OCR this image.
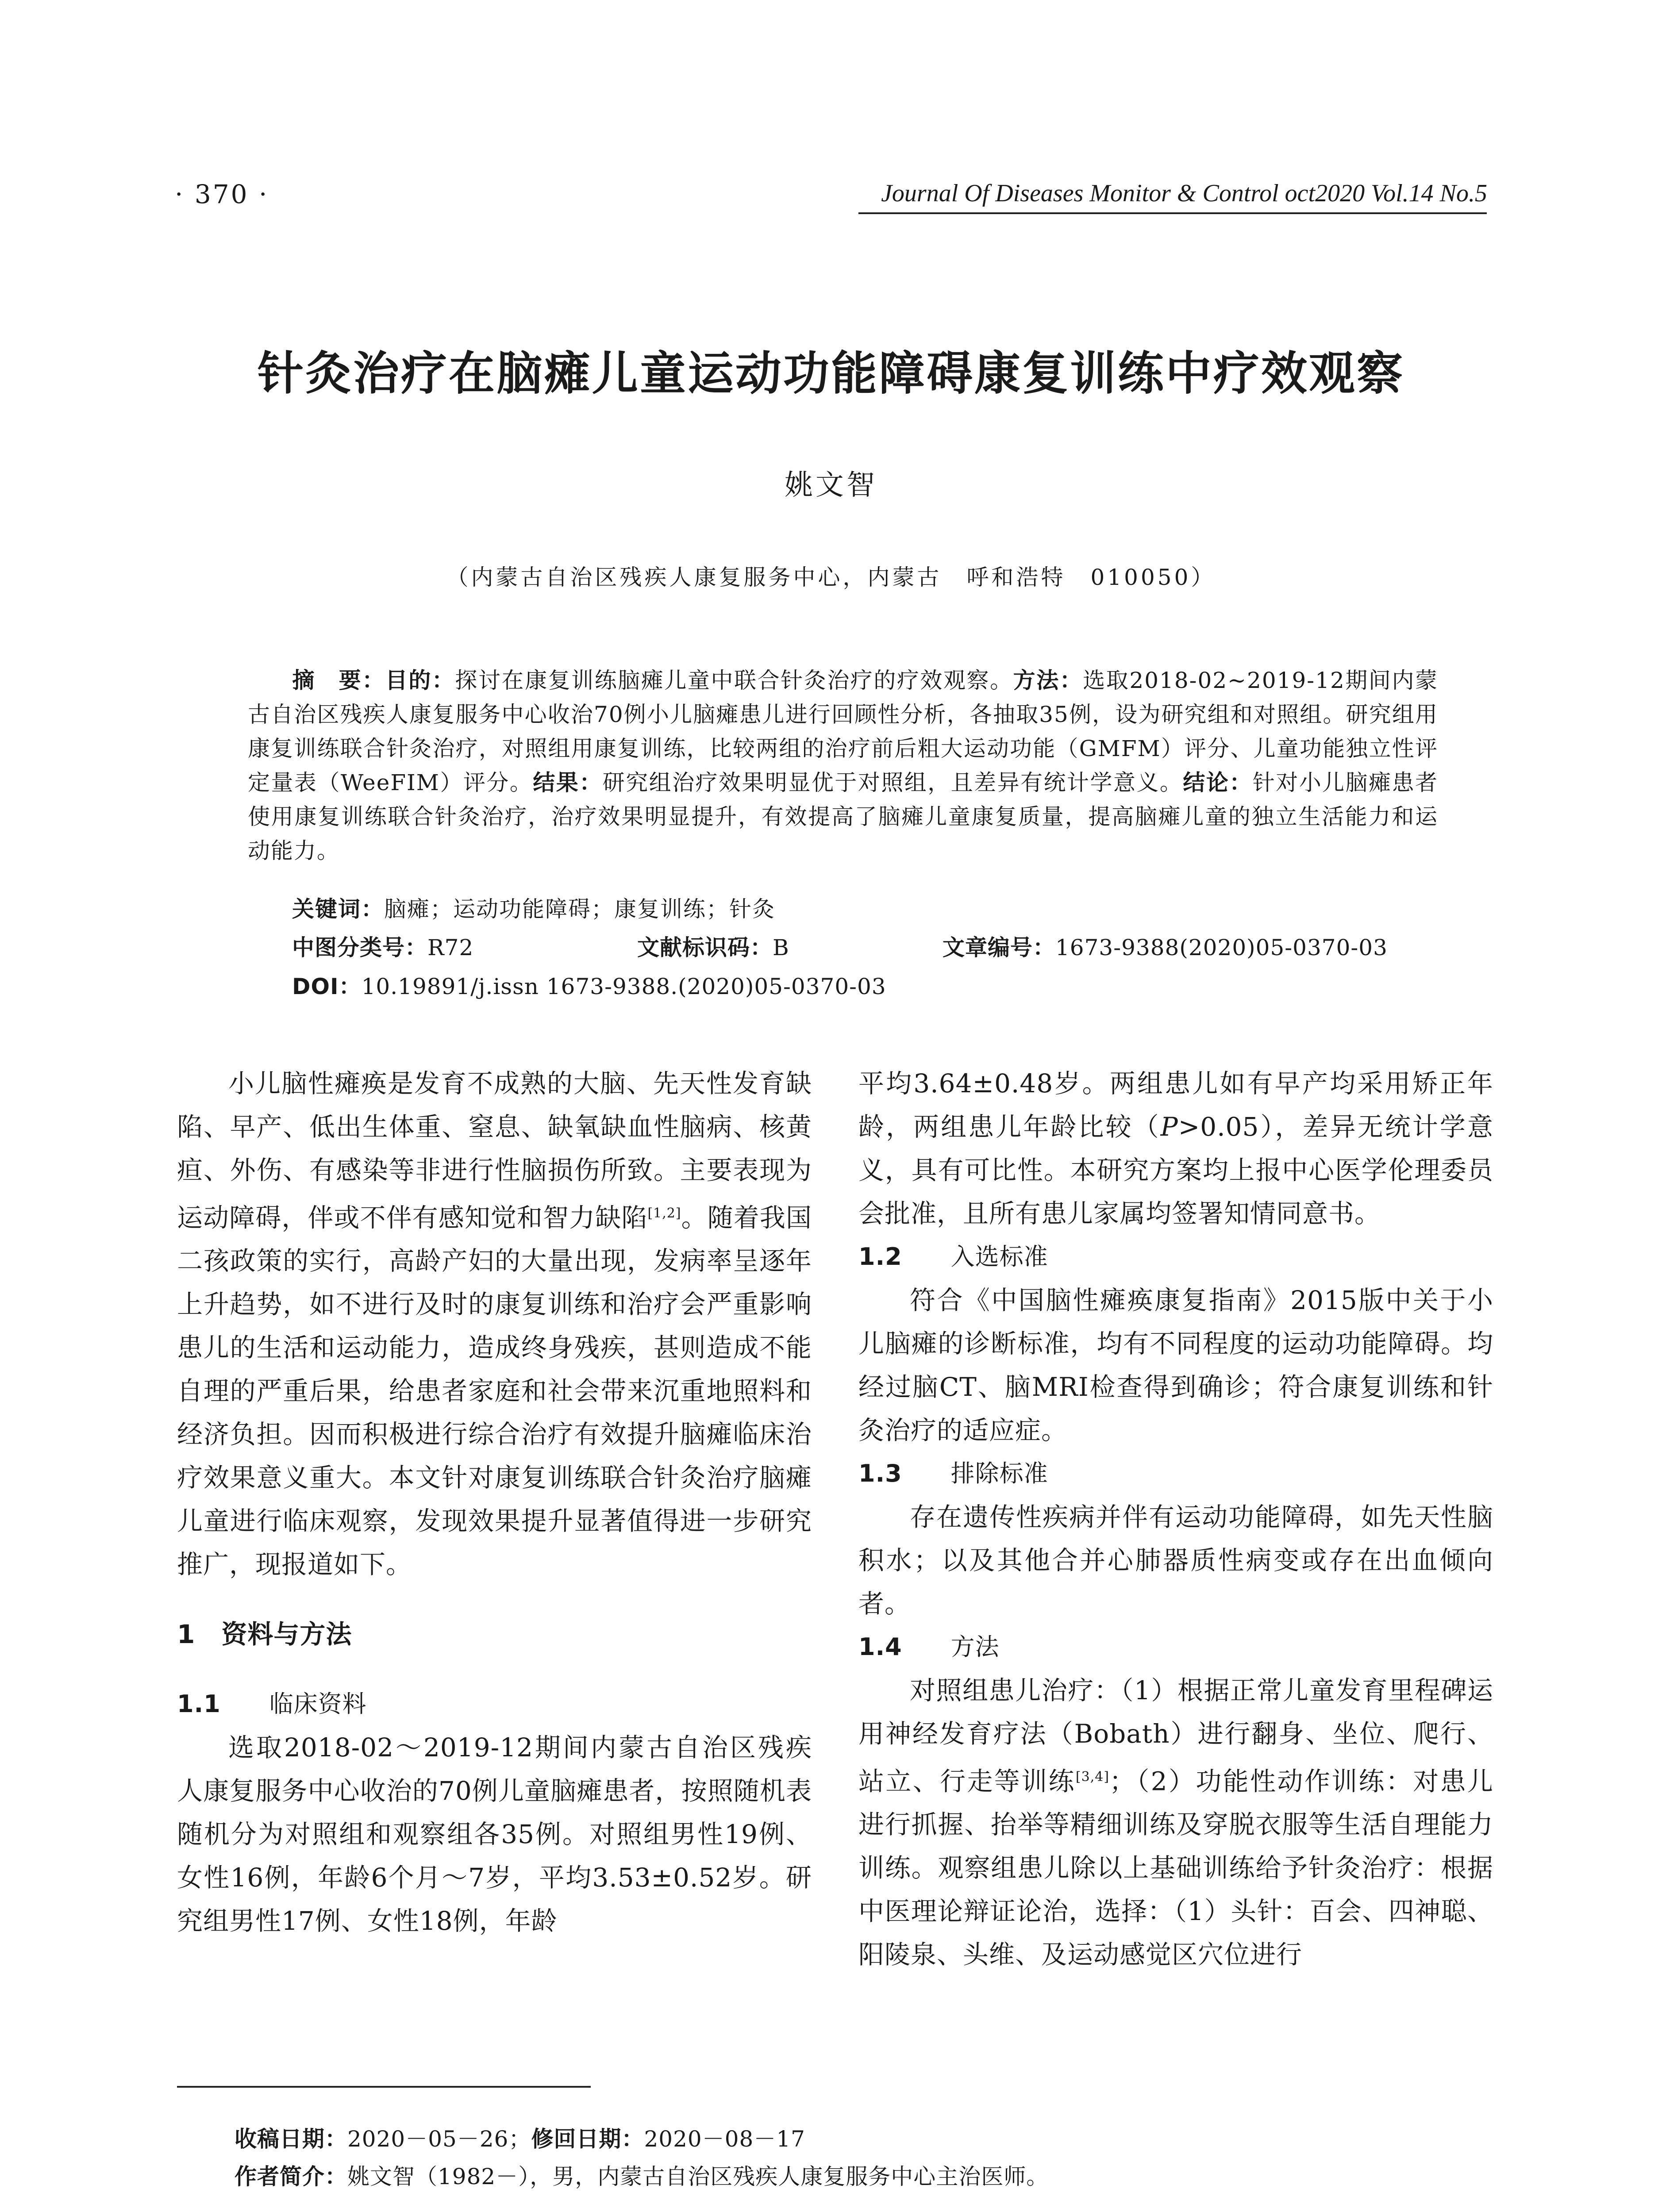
· 370 ·	Journal Of Diseases Monitor & Control oct2020 Vol.14 No.5
针灸治疗在脑瘫儿童运动功能障碍康复训练中疗效观察
姚文智
（内蒙古自治区残疾人康复服务中心，内蒙古　呼和浩特　010050）
摘　要：目的：探讨在康复训练脑瘫儿童中联合针灸治疗的疗效观察。方法：选取2018-02~2019-12期间内蒙古自治区残疾人康复服务中心收治70例小儿脑瘫患儿进行回顾性分析，各抽取35例，设为研究组和对照组。研究组用康复训练联合针灸治疗，对照组用康复训练，比较两组的治疗前后粗大运动功能（GMFM）评分、儿童功能独立性评定量表（WeeFIM）评分。结果：研究组治疗效果明显优于对照组，且差异有统计学意义。结论：针对小儿脑瘫患者使用康复训练联合针灸治疗，治疗效果明显提升，有效提高了脑瘫儿童康复质量，提高脑瘫儿童的独立生活能力和运动能力。
关键词：脑瘫；运动功能障碍；康复训练；针灸
中图分类号：R72	文献标识码：B	文章编号：1673-9388(2020)05-0370-03
DOI：10.19891/j.issn 1673-9388.(2020)05-0370-03

小儿脑性瘫痪是发育不成熟的大脑、先天性发育缺陷、早产、低出生体重、窒息、缺氧缺血性脑病、核黄疸、外伤、有感染等非进行性脑损伤所致。主要表现为运动障碍，伴或不伴有感知觉和智力缺陷[1,2]。随着我国二孩政策的实行，高龄产妇的大量出现，发病率呈逐年上升趋势，如不进行及时的康复训练和治疗会严重影响患儿的生活和运动能力，造成终身残疾，甚则造成不能自理的严重后果，给患者家庭和社会带来沉重地照料和经济负担。因而积极进行综合治疗有效提升脑瘫临床治疗效果意义重大。本文针对康复训练联合针灸治疗脑瘫儿童进行临床观察，发现效果提升显著值得进一步研究推广，现报道如下。

1　资料与方法
1.1　　 临床资料

选取2018-02～2019-12期间内蒙古自治区残疾人康复服务中心收治的70例儿童脑瘫患者，按照随机表随机分为对照组和观察组各35例。对照组男性19例、女性16例，年龄6个月～7岁，平均3.53±0.52岁。研究组男性17例、女性18例，年龄

平均3.64±0.48岁。两组患儿如有早产均采用矫正年龄，两组患儿年龄比较（P>0.05），差异无统计学意义，具有可比性。本研究方案均上报中心医学伦理委员会批准，且所有患儿家属均签署知情同意书。

1.2　　 入选标准

符合《中国脑性瘫痪康复指南》2015版中关于小儿脑瘫的诊断标准，均有不同程度的运动功能障碍。均经过脑CT、脑MRI检查得到确诊；符合康复训练和针灸治疗的适应症。

1.3　　 排除标准

存在遗传性疾病并伴有运动功能障碍，如先天性脑积水；以及其他合并心肺器质性病变或存在出血倾向者。

1.4　　 方法

对照组患儿治疗：（1）根据正常儿童发育里程碑运用神经发育疗法（Bobath）进行翻身、坐位、爬行、站立、行走等训练[3,4]；（2）功能性动作训练：对患儿进行抓握、抬举等精细训练及穿脱衣服等生活自理能力训练。观察组患儿除以上基础训练给予针灸治疗：根据中医理论辩证论治，选择：（1）头针：百会、四神聪、阳陵泉、头维、及运动感觉区穴位进行

收稿日期：2020－05－26；修回日期：2020－08－17
作者简介：姚文智（1982－），男，内蒙古自治区残疾人康复服务中心主治医师。
